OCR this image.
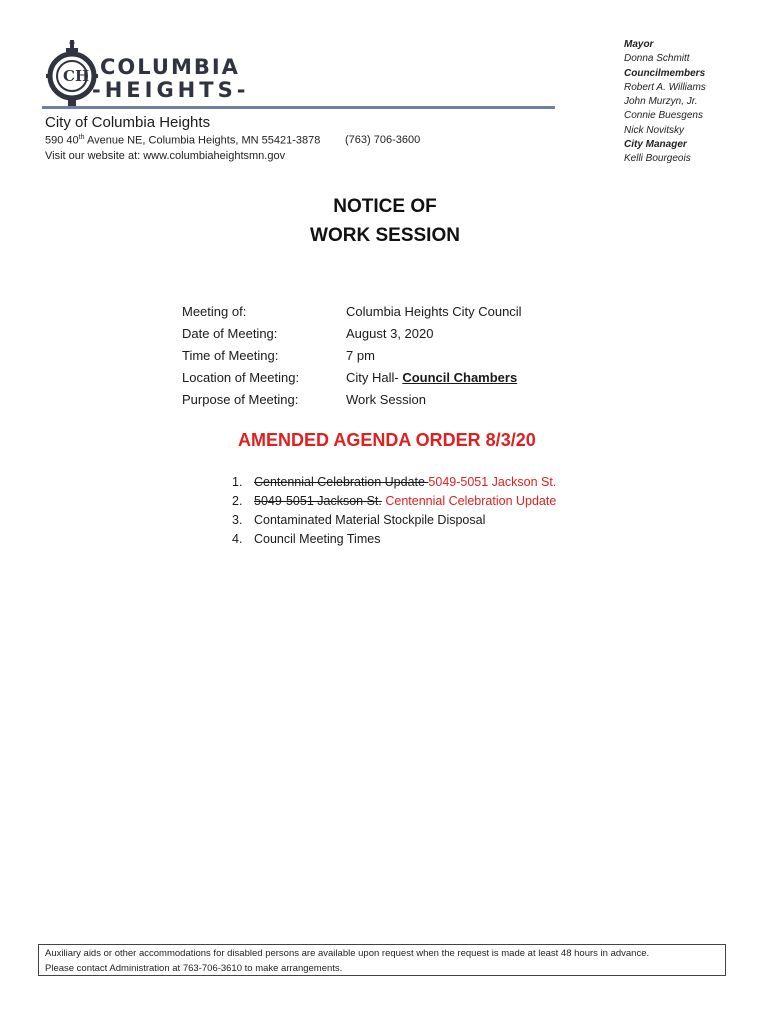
CH COLUMBIA
-HEIGHTS-
City of Columbia Heights
590 40th Avenue NE, Columbia Heights, MN 55421-3878 (763) 706-3600
Visit our website at: www.columbiaheightsmn.gov
Mayor
Donna Schmitt
Councilmembers
Robert A. Williams
John Murzyn, Jr.
Connie Buesgens
Nick Novitsky
City Manager
Kelli Bourgeois
NOTICE OF
WORK SESSION
Meeting of:	Columbia Heights City Council
Date of Meeting:	August 3, 2020
Time of Meeting:	7 pm
Location of Meeting:	City Hall- Council Chambers
Purpose of Meeting:	Work Session
AMENDED AGENDA ORDER 8/3/20
1. Centennial Celebration Update 5049-5051 Jackson St.
2. 5049-5051 Jackson St. Centennial Celebration Update
3. Contaminated Material Stockpile Disposal
4. Council Meeting Times
Auxiliary aids or other accommodations for disabled persons are available upon request when the request is made at least 48 hours in advance.
Please contact Administration at 763-706-3610 to make arrangements.
